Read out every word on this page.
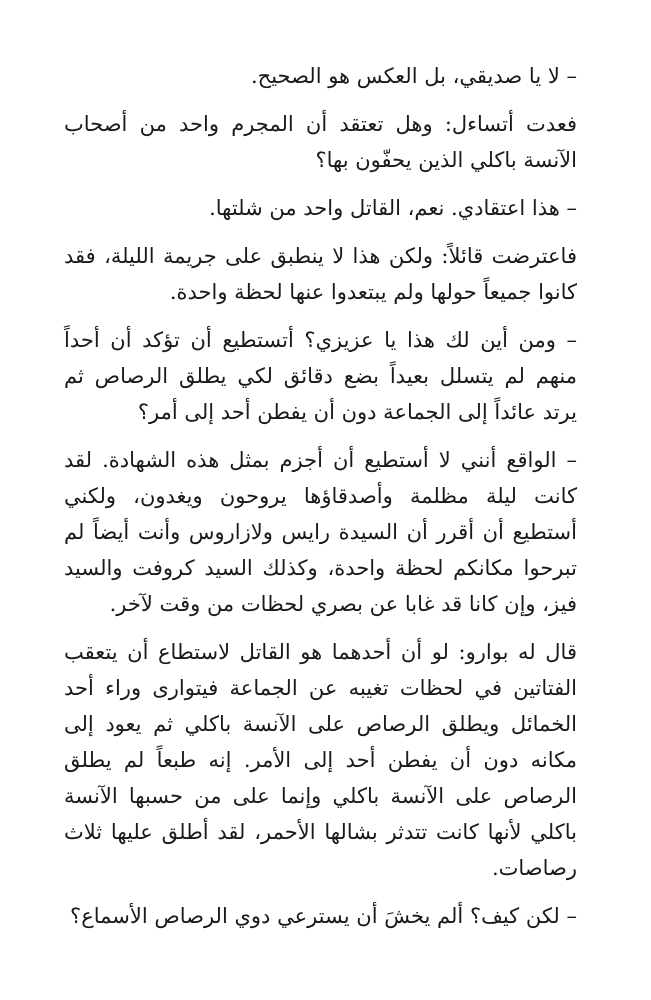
– لا يا صديقي، بل العكس هو الصحيح.

فعدت أتساءل: وهل تعتقد أن المجرم واحد من أصحاب الآنسة باكلي الذين يحفّون بها؟

– هذا اعتقادي. نعم، القاتل واحد من شلتها.

فاعترضت قائلاً: ولكن هذا لا ينطبق على جريمة الليلة، فقد كانوا جميعاً حولها ولم يبتعدوا عنها لحظة واحدة.

– ومن أين لك هذا يا عزيزي؟ أتستطيع أن تؤكد أن أحداً منهم لم يتسلل بعيداً بضع دقائق لكي يطلق الرصاص ثم يرتد عائداً إلى الجماعة دون أن يفطن أحد إلى أمر؟

– الواقع أنني لا أستطيع أن أجزم بمثل هذه الشهادة. لقد كانت ليلة مظلمة وأصدقاؤها يروحون ويغدون، ولكني أستطيع أن أقرر أن السيدة رايس ولازاروس وأنت أيضاً لم تبرحوا مكانكم لحظة واحدة، وكذلك السيد كروفت والسيد فيز، وإن كانا قد غابا عن بصري لحظات من وقت لآخر.

قال له بوارو: لو أن أحدهما هو القاتل لاستطاع أن يتعقب الفتاتين في لحظات تغيبه عن الجماعة فيتوارى وراء أحد الخمائل ويطلق الرصاص على الآنسة باكلي ثم يعود إلى مكانه دون أن يفطن أحد إلى الأمر. إنه طبعاً لم يطلق الرصاص على الآنسة باكلي وإنما على من حسبها الآنسة باكلي لأنها كانت تتدثر بشالها الأحمر، لقد أطلق عليها ثلاث رصاصات.

– لكن كيف؟ ألم يخشَ أن يسترعي دوي الرصاص الأسماع؟
